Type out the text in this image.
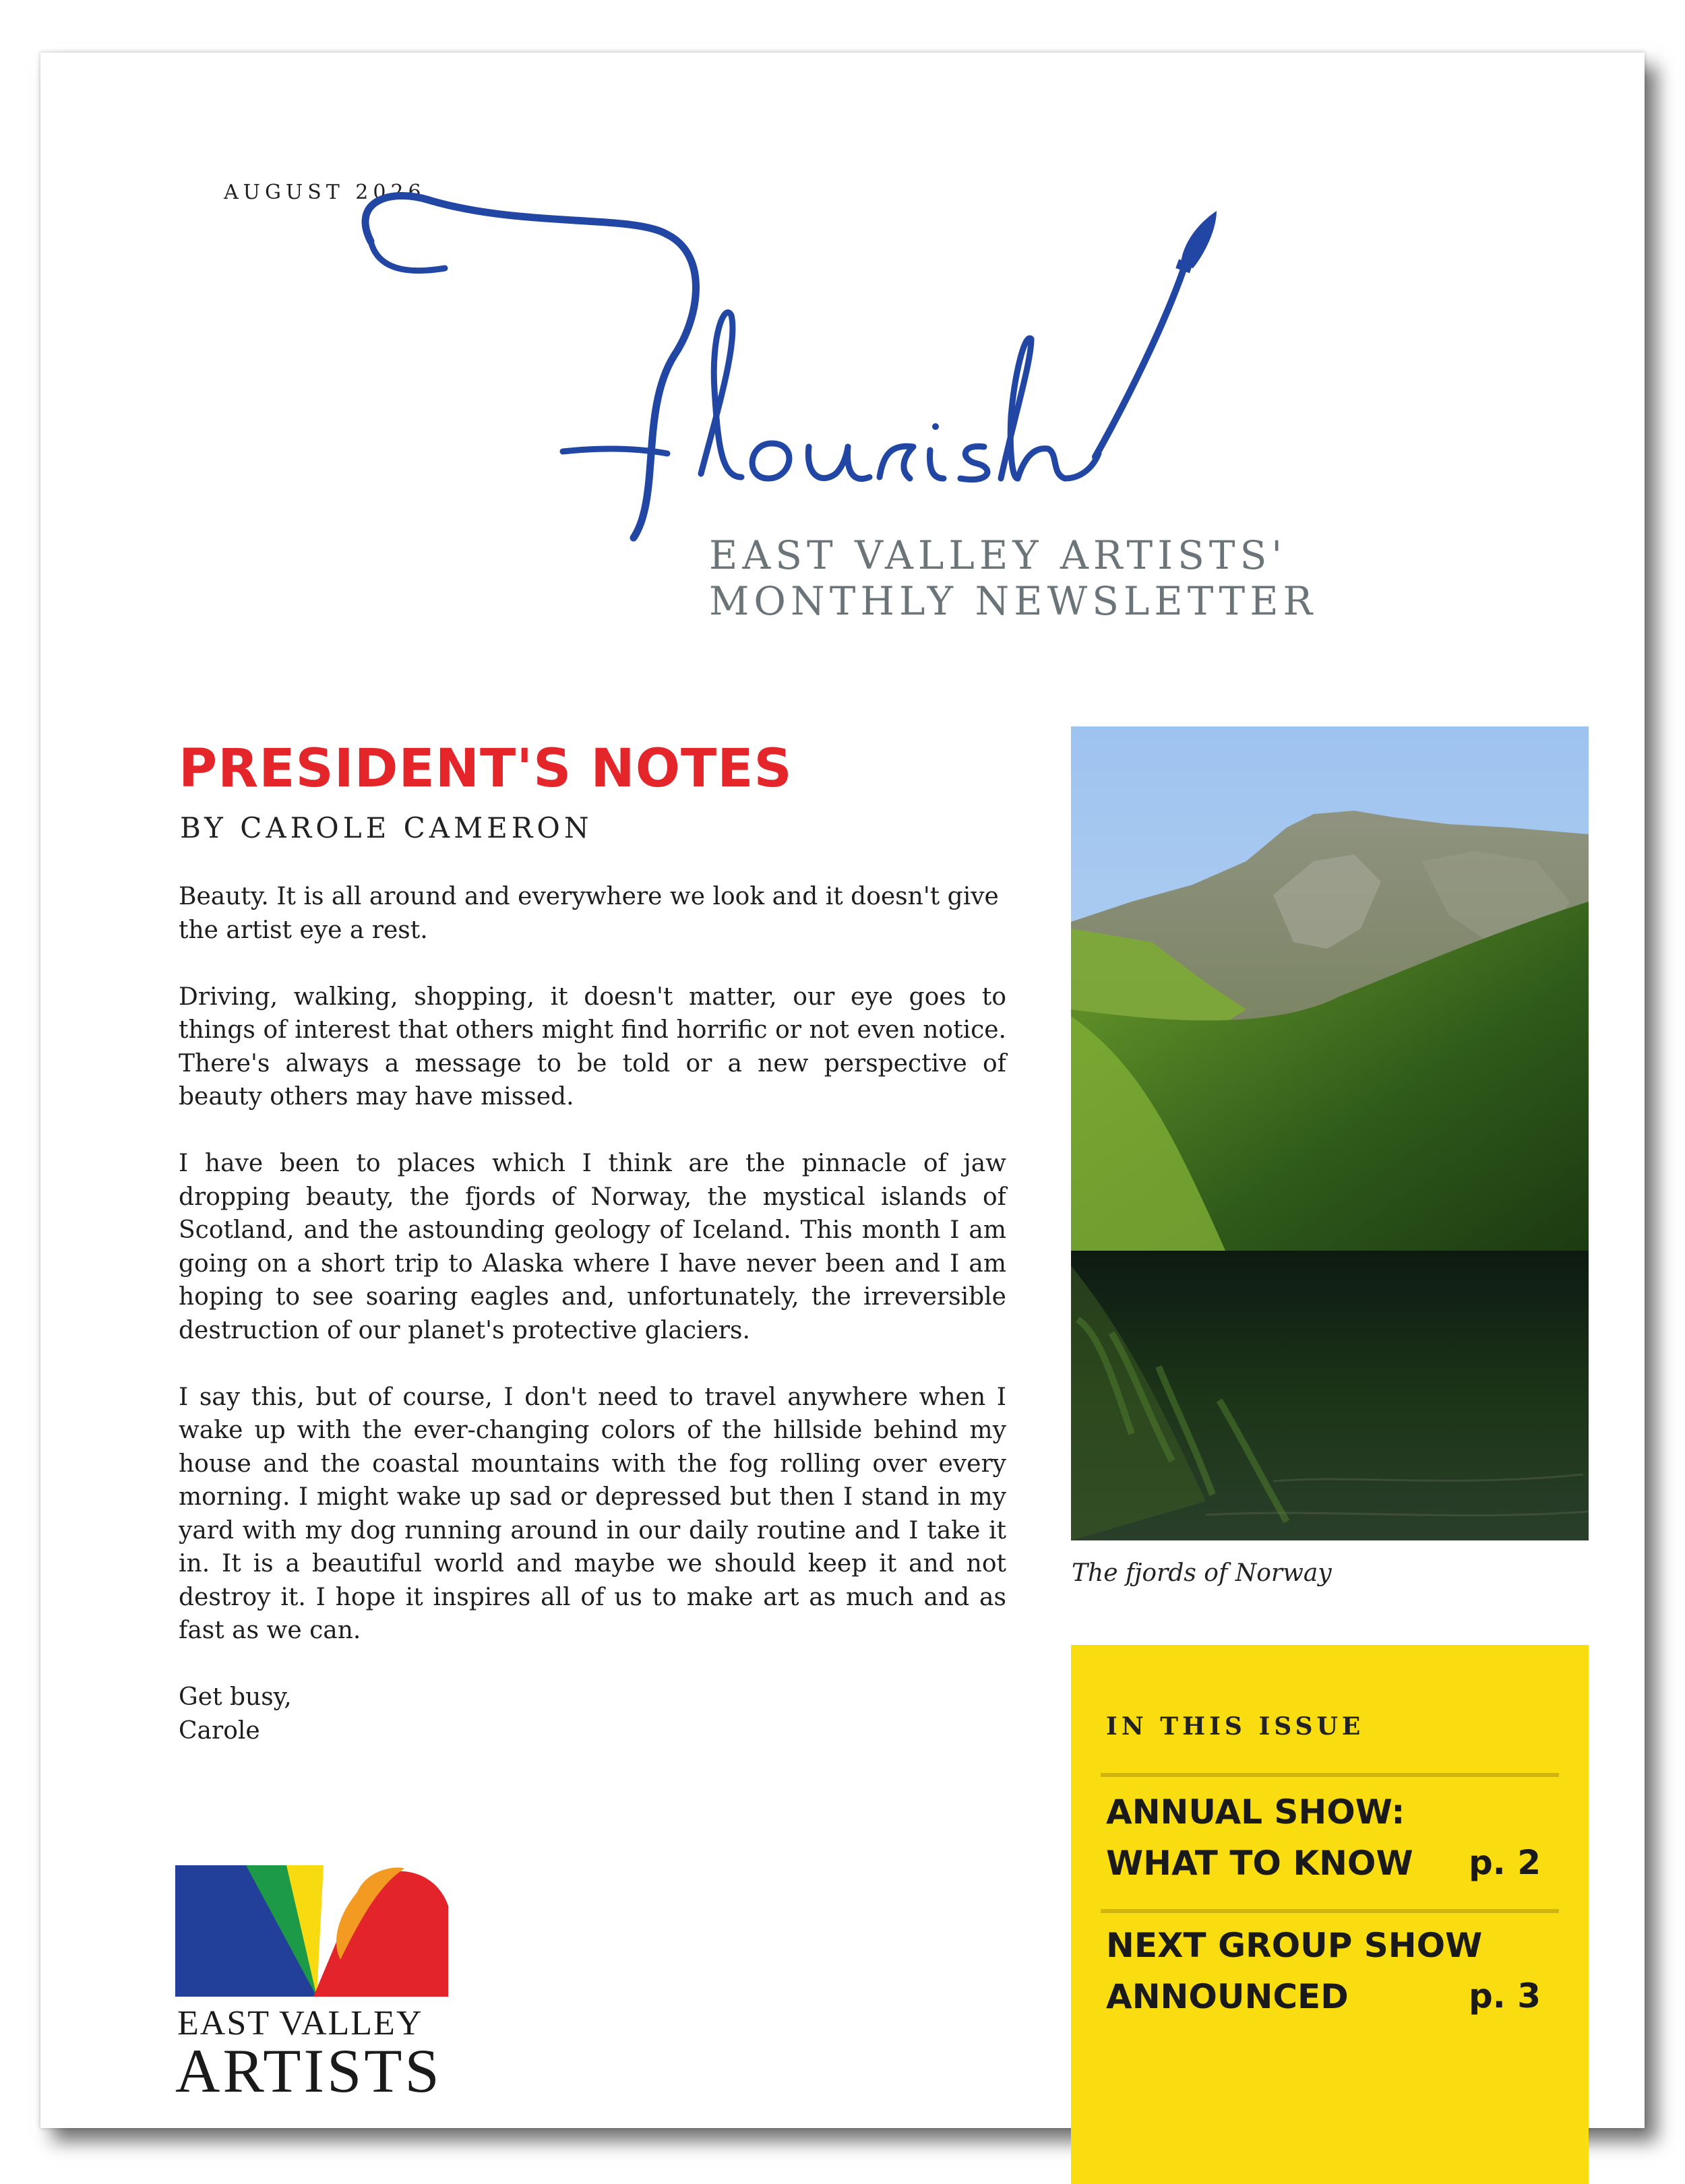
AUGUST 2026
EAST VALLEY ARTISTS'
MONTHLY NEWSLETTER
PRESIDENT'S NOTES
BY CAROLE CAMERON

Beauty. It is all around and everywhere we look and it doesn't give the artist eye a rest.

Driving, walking, shopping, it doesn't matter, our eye goes to things of interest that others might find horrific or not even notice. There's always a message to be told or a new perspective of beauty others may have missed.

I have been to places which I think are the pinnacle of jaw dropping beauty, the fjords of Norway, the mystical islands of Scotland, and the astounding geology of Iceland. This month I am going on a short trip to Alaska where I have never been and I am hoping to see soaring eagles and, unfortunately, the irreversible destruction of our planet's protective glaciers.

I say this, but of course, I don't need to travel anywhere when I wake up with the ever-changing colors of the hillside behind my house and the coastal mountains with the fog rolling over every morning. I might wake up sad or depressed but then I stand in my yard with my dog running around in our daily routine and I take it in. It is a beautiful world and maybe we should keep it and not destroy it. I hope it inspires all of us to make art as much and as fast as we can.

Get busy,
Carole
The fjords of Norway
IN THIS ISSUE
ANNUAL SHOW:
WHAT TO KNOW p. 2
NEXT GROUP SHOW
ANNOUNCED	p. 3
EAST VALLEY
ARTISTS
